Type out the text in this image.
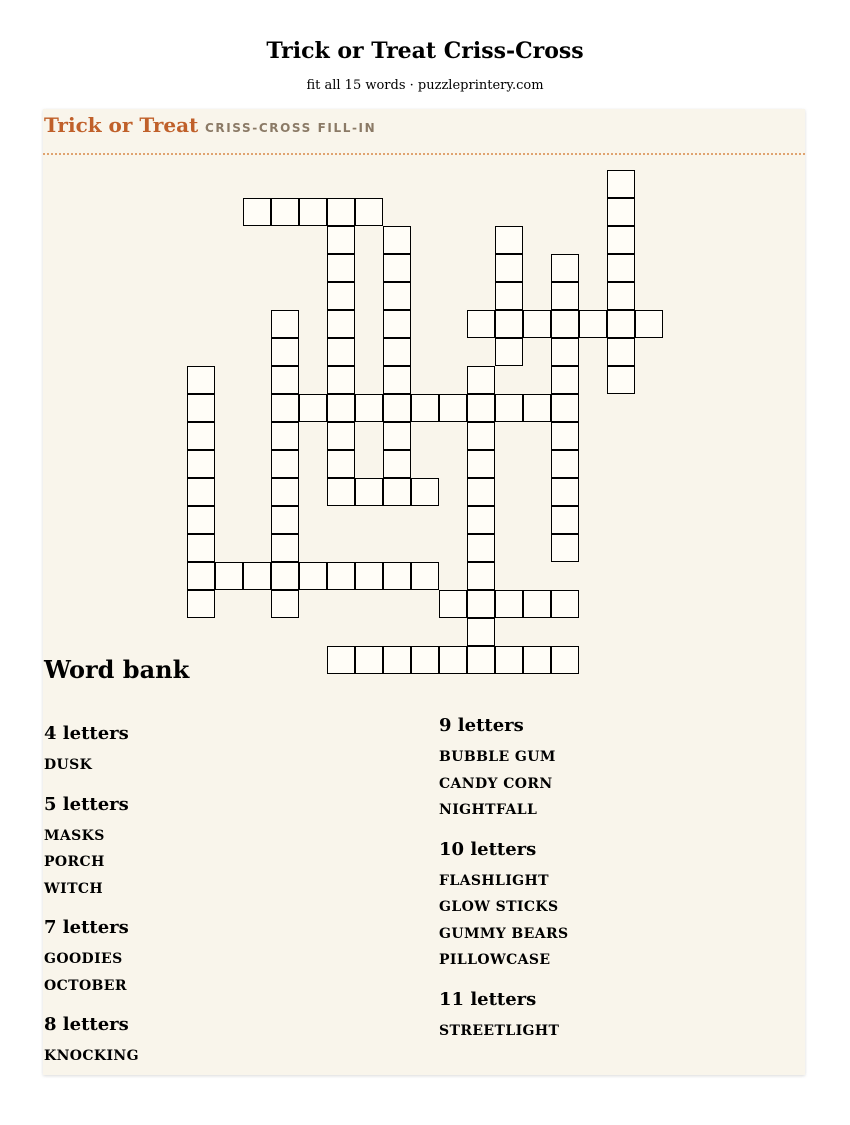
Trick or Treat Criss-Cross
fit all 15 words · puzzleprintery.com
Trick or Treat CRISS-CROSS FILL-IN
Word bank
4 letters
DUSK
5 letters
MASKS
PORCH
WITCH
7 letters
GOODIES
OCTOBER
8 letters
KNOCKING
9 letters
BUBBLE GUM
CANDY CORN
NIGHTFALL
10 letters
FLASHLIGHT
GLOW STICKS
GUMMY BEARS
PILLOWCASE
11 letters
STREETLIGHT
